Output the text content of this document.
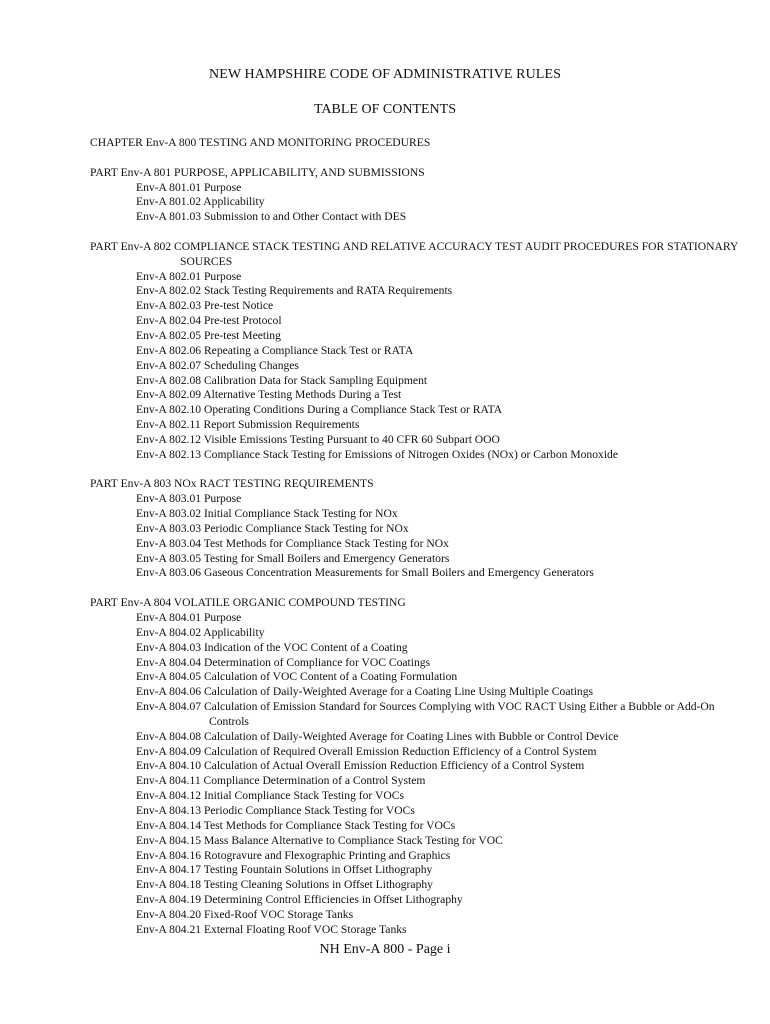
NEW HAMPSHIRE CODE OF ADMINISTRATIVE RULES
TABLE OF CONTENTS
CHAPTER Env-A 800 TESTING AND MONITORING PROCEDURES
PART Env-A 801 PURPOSE, APPLICABILITY, AND SUBMISSIONS
Env-A 801.01 Purpose
Env-A 801.02 Applicability
Env-A 801.03 Submission to and Other Contact with DES
PART Env-A 802 COMPLIANCE STACK TESTING AND RELATIVE ACCURACY TEST AUDIT PROCEDURES FOR STATIONARY SOURCES
Env-A 802.01 Purpose
Env-A 802.02 Stack Testing Requirements and RATA Requirements
Env-A 802.03 Pre-test Notice
Env-A 802.04 Pre-test Protocol
Env-A 802.05 Pre-test Meeting
Env-A 802.06 Repeating a Compliance Stack Test or RATA
Env-A 802.07 Scheduling Changes
Env-A 802.08 Calibration Data for Stack Sampling Equipment
Env-A 802.09 Alternative Testing Methods During a Test
Env-A 802.10 Operating Conditions During a Compliance Stack Test or RATA
Env-A 802.11 Report Submission Requirements
Env-A 802.12 Visible Emissions Testing Pursuant to 40 CFR 60 Subpart OOO
Env-A 802.13 Compliance Stack Testing for Emissions of Nitrogen Oxides (NOx) or Carbon Monoxide
PART Env-A 803 NOx RACT TESTING REQUIREMENTS
Env-A 803.01 Purpose
Env-A 803.02 Initial Compliance Stack Testing for NOx
Env-A 803.03 Periodic Compliance Stack Testing for NOx
Env-A 803.04 Test Methods for Compliance Stack Testing for NOx
Env-A 803.05 Testing for Small Boilers and Emergency Generators
Env-A 803.06 Gaseous Concentration Measurements for Small Boilers and Emergency Generators
PART Env-A 804 VOLATILE ORGANIC COMPOUND TESTING
Env-A 804.01 Purpose
Env-A 804.02 Applicability
Env-A 804.03 Indication of the VOC Content of a Coating
Env-A 804.04 Determination of Compliance for VOC Coatings
Env-A 804.05 Calculation of VOC Content of a Coating Formulation
Env-A 804.06 Calculation of Daily-Weighted Average for a Coating Line Using Multiple Coatings
Env-A 804.07 Calculation of Emission Standard for Sources Complying with VOC RACT Using Either a Bubble or Add-On Controls
Env-A 804.08 Calculation of Daily-Weighted Average for Coating Lines with Bubble or Control Device
Env-A 804.09 Calculation of Required Overall Emission Reduction Efficiency of a Control System
Env-A 804.10 Calculation of Actual Overall Emission Reduction Efficiency of a Control System
Env-A 804.11 Compliance Determination of a Control System
Env-A 804.12 Initial Compliance Stack Testing for VOCs
Env-A 804.13 Periodic Compliance Stack Testing for VOCs
Env-A 804.14 Test Methods for Compliance Stack Testing for VOCs
Env-A 804.15 Mass Balance Alternative to Compliance Stack Testing for VOC
Env-A 804.16 Rotogravure and Flexographic Printing and Graphics
Env-A 804.17 Testing Fountain Solutions in Offset Lithography
Env-A 804.18 Testing Cleaning Solutions in Offset Lithography
Env-A 804.19 Determining Control Efficiencies in Offset Lithography
Env-A 804.20 Fixed-Roof VOC Storage Tanks
Env-A 804.21 External Floating Roof VOC Storage Tanks
NH Env-A 800 - Page i
